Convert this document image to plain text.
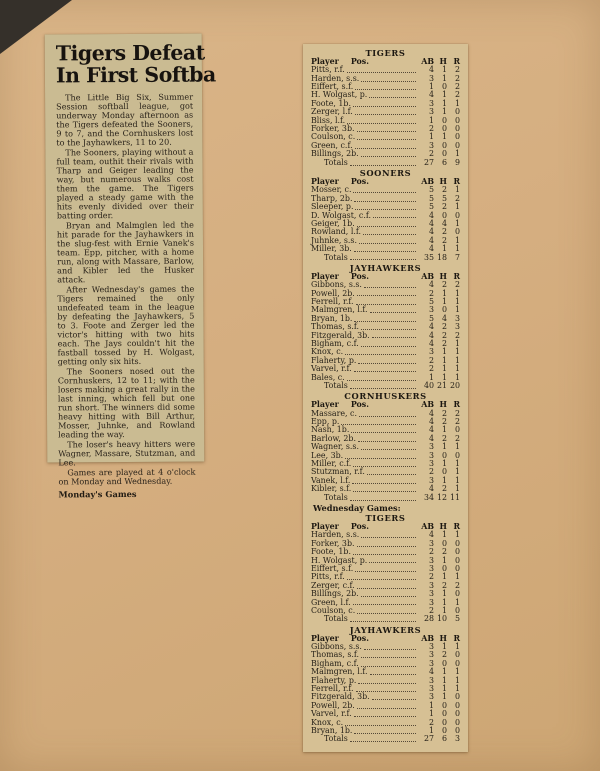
Tigers Defeat
In First Softba

The Little Big Six, Summer Session softball league, got underway Monday afternoon as the Tigers defeated the Sooners, 9 to 7, and the Cornhuskers lost to the Jayhawkers, 11 to 20.

The Sooners, playing without a full team, outhit their rivals with Tharp and Geiger leading the way, but numerous walks cost them the game. The Tigers played a steady game with the hits evenly divided over their batting order.

Bryan and Malmglen led the hit parade for the Jayhawkers in the slug-fest with Ernie Vanek's team. Epp, pitcher, with a home run, along with Massare, Barlow, and Kibler led the Husker attack.

After Wednesday's games the Tigers remained the only undefeated team in the league by defeating the Jayhawkers, 5 to 3. Foote and Zerger led the victor's hitting with two hits each. The Jays couldn't hit the fastball tossed by H. Wolgast, getting only six hits.

The Sooners nosed out the Cornhuskers, 12 to 11; with the losers making a great rally in the last inning, which fell but one run short. The winners did some heavy hitting with Bill Arthur, Mosser, Juhnke, and Rowland leading the way.

The loser's heavy hitters were Wagner, Massare, Stutzman, and Lee.

Games are played at 4 o'clock on Monday and Wednesday.

Monday's Games
TIGERS
Player Pos.	AB H R
Pitts, r.f.	4	1	2
Harden, s.s.	3	1	2
Eiffert, s.f.	1	0	2
H. Wolgast, p.	4	1	2
Foote, 1b.	3	1	1
Zerger, l.f.	3	1	0
Bliss, l.f.	1	0	0
Forker, 3b.	2	0	0
Coulson, c.	1	1	0
Green, c.f.	3	0	0
Billings, 2b.	2	0	1
Totals	27	6	9
SOONERS
Player Pos.	AB H R
Mosser, c.	5	2	1
Tharp, 2b.	5	5	2
Sleeper, p.	5	2	1
D. Wolgast, c.f.	4	0	0
Geiger, 1b.	4	4	1
Rowland, l.f.	4	2	0
Juhnke, s.s.	4	2	1
Miller, 3b.	4	1	1
Totals	35 18	7
JAYHAWKERS
Player Pos.	AB H R
Gibbons, s.s.	4	2	2
Powell, 2b.	2	1	1
Ferrell, r.f.	5	1	1
Malmgren, l.f.	3	0	1
Bryan, 1b.	5	4	3
Thomas, s.f.	4	2	3
Fitzgerald, 3b.	4	2	2
Bigham, c.f.	4	2	1
Knox, c.	3	1	1
Flaherty, p.	2	1	1
Varvel, r.f.	2	1	1
Bales, c.	1	1	1
Totals	40 21 20
CORNHUSKERS
Player Pos.	AB H R
Massare, c.	4	2	2
Epp, p.	4	2	2
Nash, 1b.	4	1	0
Barlow, 2b.	4	2	2
Wagner, s.s.	3	1	1
Lee, 3b.	3	0	0
Miller, c.f.	3	1	1
Stutzman, r.f.	2	0	1
Vanek, l.f.	3	1	1
Kibler, s.f.	4	2	1
Totals	34 12 11
Wednesday Games:
TIGERS
Player Pos.	AB H R
Harden, s.s.	4	1	1
Forker, 3b.	3	0	0
Foote, 1b.	2	2	0
H. Wolgast, p.	3	1	0
Eiffert, s.f.	3	0	0
Pitts, r.f.	2	1	1
Zerger, c.f.	3	2	2
Billings, 2b.	3	1	0
Green, l.f.	3	1	1
Coulson, c.	2	1	0
Totals	28 10	5
JAYHAWKERS
Player Pos.	AB H R
Gibbons, s.s.	3	1	1
Thomas, s.f.	3	2	0
Bigham, c.f.	3	0	0
Malmgren, l.f.	4	1	1
Flaherty, p.	3	1	1
Ferrell, r.f.	3	1	1
Fitzgerald, 3b.	3	1	0
Powell, 2b.	1	0	0
Varvel, r.f.	1	0	0
Knox, c.	2	0	0
Bryan, 1b.	1	0	0
Totals	27	6	3
